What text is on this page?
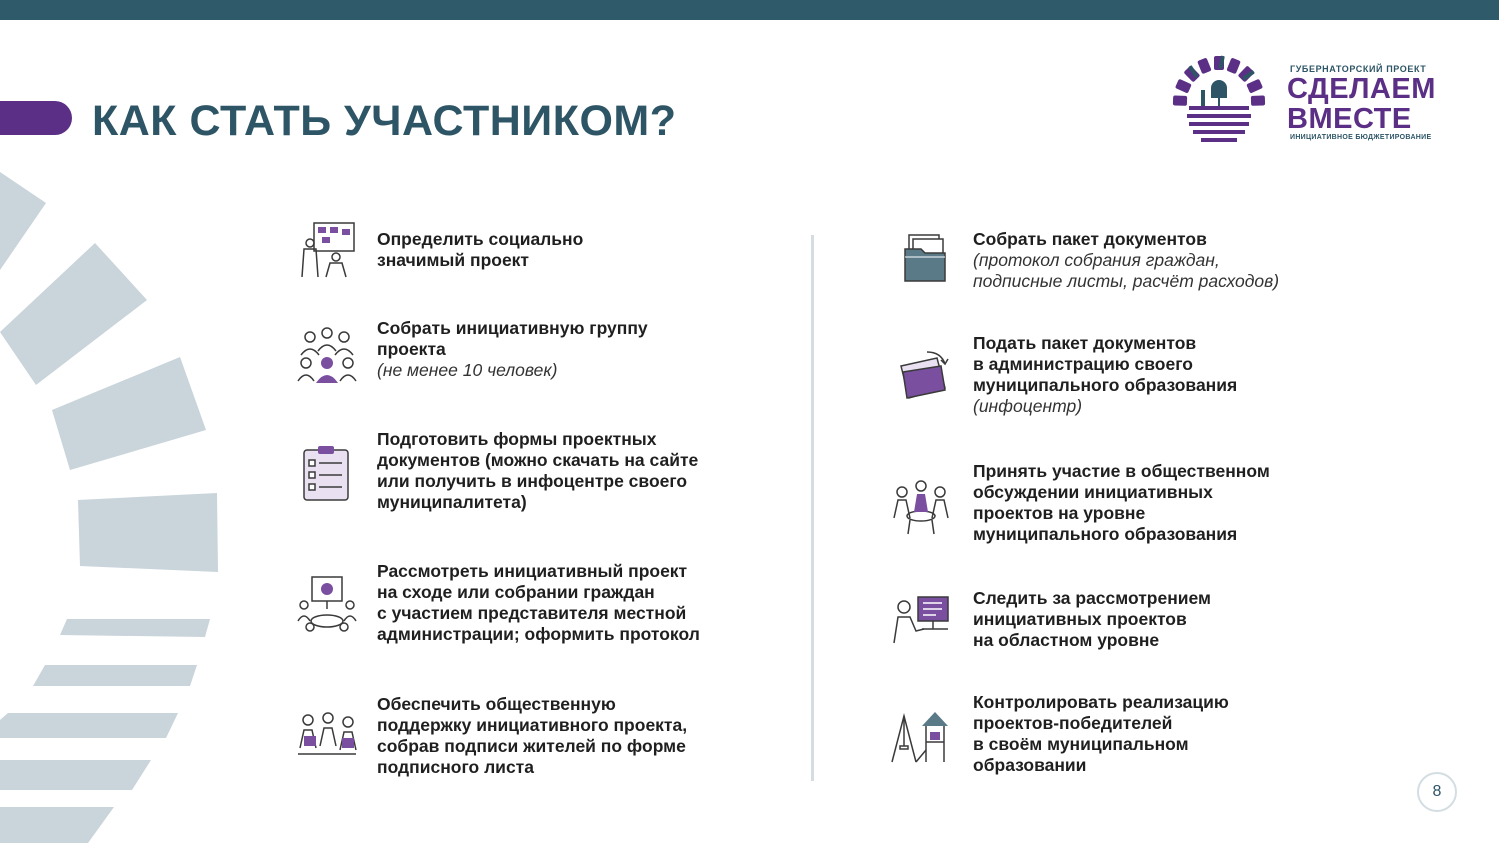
КАК СТАТЬ УЧАСТНИКОМ?
ГУБЕРНАТОРСКИЙ ПРОЕКТ
СДЕЛАЕМ
ВМЕСТЕ
ИНИЦИАТИВНОЕ БЮДЖЕТИРОВАНИЕ
Определить социально
значимый проект
Собрать инициативную группу
проекта
(не менее 10 человек)
Подготовить формы проектных
документов (можно скачать на сайте
или получить в инфоцентре своего
муниципалитета)
Рассмотреть инициативный проект
на сходе или собрании граждан
с участием представителя местной
администрации; оформить протокол
Обеспечить общественную
поддержку инициативного проекта,
собрав подписи жителей по форме
подписного листа
Собрать пакет документов
(протокол собрания граждан,
подписные листы, расчёт расходов)
Подать пакет документов
в администрацию своего
муниципального образования
(инфоцентр)
Принять участие в общественном
обсуждении инициативных
проектов на уровне
муниципального образования
Следить за рассмотрением
инициативных проектов
на областном уровне
Контролировать реализацию
проектов-победителей
в своём муниципальном
образовании
8
